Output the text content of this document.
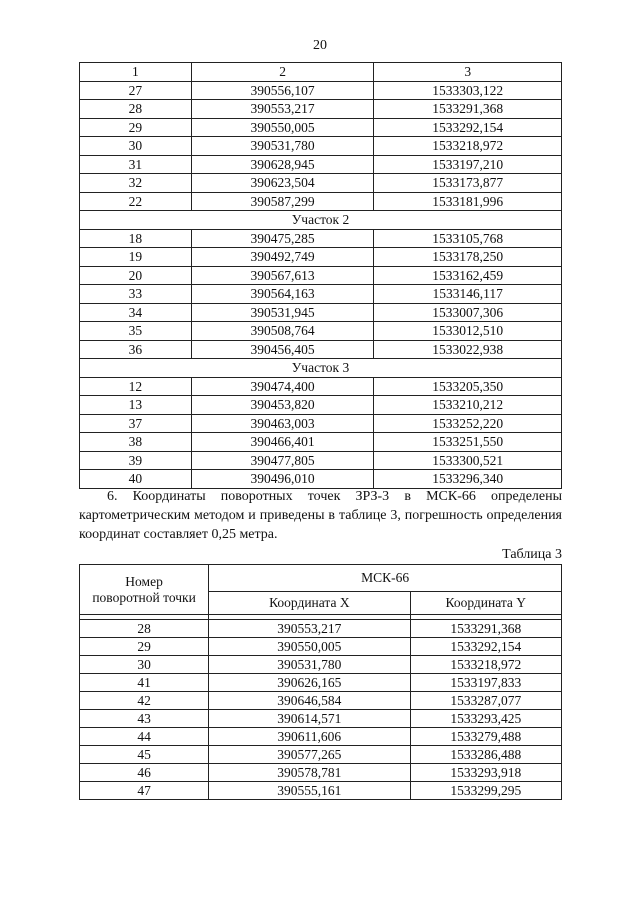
20
1	2	3
27	390556,107	1533303,122
28	390553,217	1533291,368
29	390550,005	1533292,154
30	390531,780	1533218,972
31	390628,945	1533197,210
32	390623,504	1533173,877
22	390587,299	1533181,996
Участок 2		
18	390475,285	1533105,768
19	390492,749	1533178,250
20	390567,613	1533162,459
33	390564,163	1533146,117
34	390531,945	1533007,306
35	390508,764	1533012,510
36	390456,405	1533022,938
Участок 3		
12	390474,400	1533205,350
13	390453,820	1533210,212
37	390463,003	1533252,220
38	390466,401	1533251,550
39	390477,805	1533300,521
40	390496,010	1533296,340

6. Координаты поворотных точек ЗРЗ-3 в МСК-66 определены картометрическим методом и приведены в таблице 3, погрешность определения координат составляет 0,25 метра.

Таблица 3
Номер поворотной точки	МСК-66	
	Координата X	Координата Y

28	390553,217	1533291,368
29	390550,005	1533292,154
30	390531,780	1533218,972
41	390626,165	1533197,833
42	390646,584	1533287,077
43	390614,571	1533293,425
44	390611,606	1533279,488
45	390577,265	1533286,488
46	390578,781	1533293,918
47	390555,161	1533299,295
